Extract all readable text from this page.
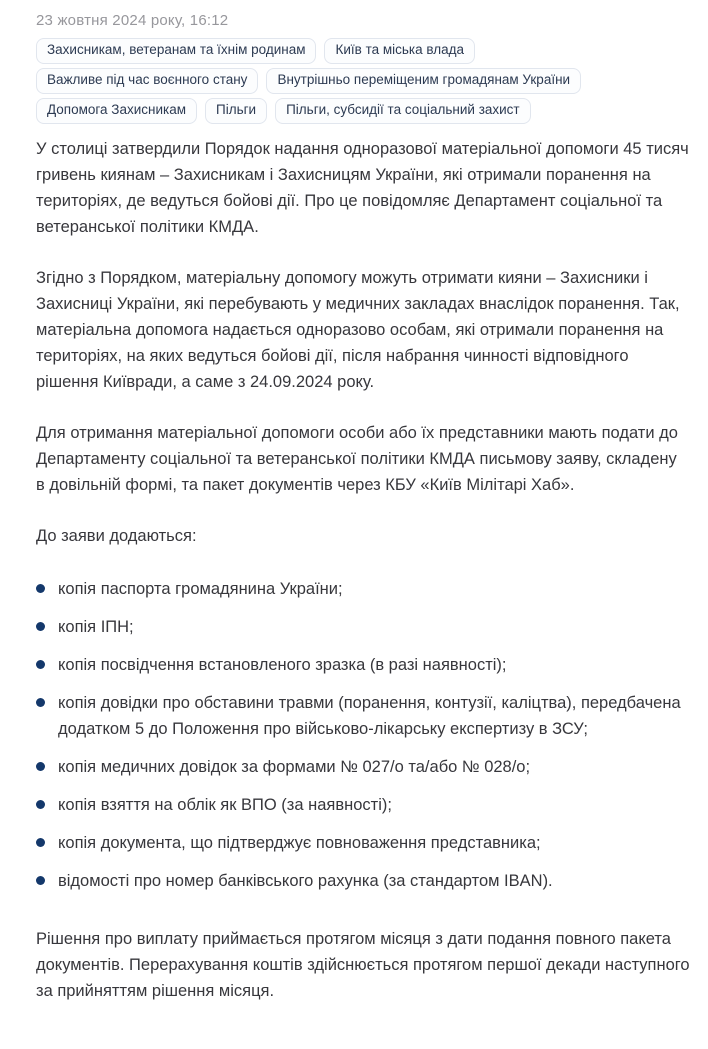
23 жовтня 2024 року, 16:12
Захисникам, ветеранам та їхнім родинам	Київ та міська влада
Важливе під час воєнного стану	Внутрішньо переміщеним громадянам України
Допомога Захисникам	Пільги	Пільги, субсидії та соціальний захист

У столиці затвердили Порядок надання одноразової матеріальної допомоги 45 тисяч гривень киянам – Захисникам і Захисницям України, які отримали поранення на територіях, де ведуться бойові дії. Про це повідомляє Департамент соціальної та ветеранської політики КМДА.

Згідно з Порядком, матеріальну допомогу можуть отримати кияни – Захисники і Захисниці України, які перебувають у медичних закладах внаслідок поранення. Так, матеріальна допомога надається одноразово особам, які отримали поранення на територіях, на яких ведуться бойові дії, після набрання чинності відповідного рішення Київради, а саме з 24.09.2024 року.

Для отримання матеріальної допомоги особи або їх представники мають подати до Департаменту соціальної та ветеранської політики КМДА письмову заяву, складену в довільній формі, та пакет документів через КБУ «Київ Мілітарі Хаб».

До заяви додаються:

копія паспорта громадянина України;
копія ІПН;
копія посвідчення встановленого зразка (в разі наявності);
копія довідки про обставини травми (поранення, контузії, каліцтва), передбачена додатком 5 до Положення про військово-лікарську експертизу в ЗСУ;
копія медичних довідок за формами № 027/о та/або № 028/о;
копія взяття на облік як ВПО (за наявності);
копія документа, що підтверджує повноваження представника;
відомості про номер банківського рахунка (за стандартом IBAN).

Рішення про виплату приймається протягом місяця з дати подання повного пакета документів. Перерахування коштів здійснюється протягом першої декади наступного за прийняттям рішення місяця.
